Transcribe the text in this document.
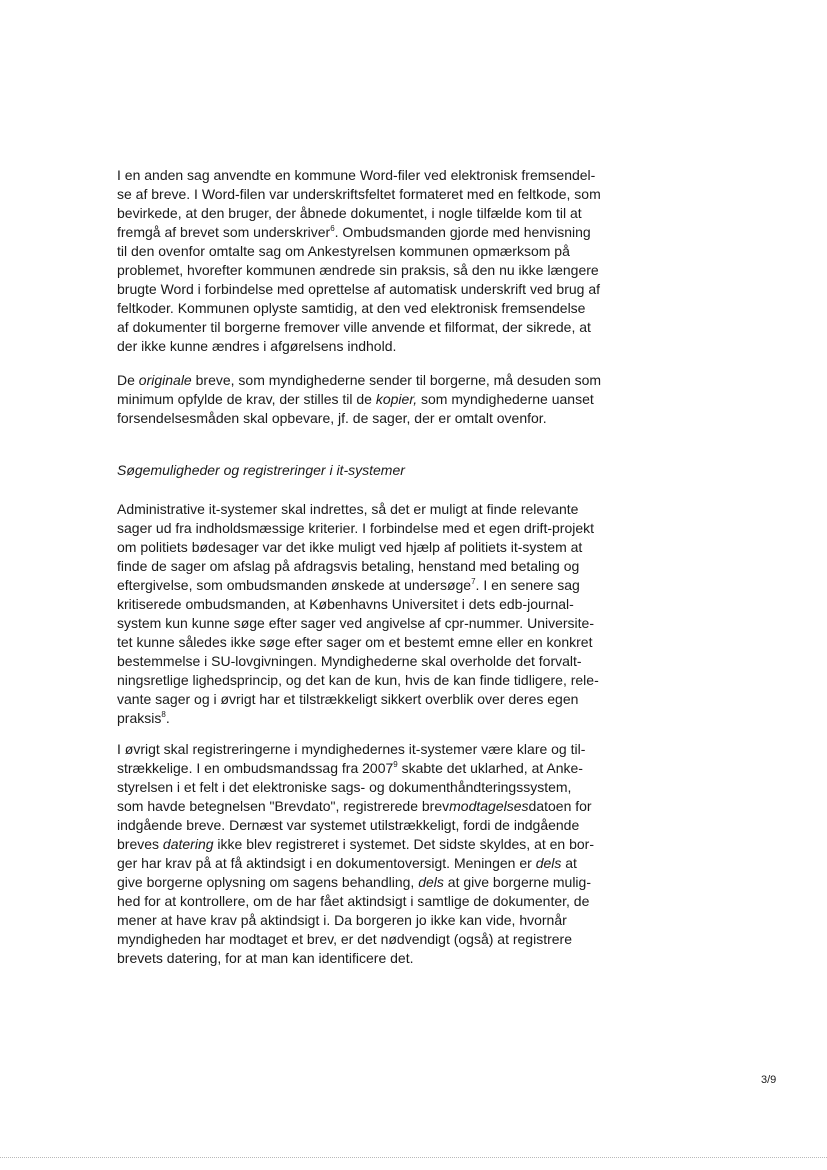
I en anden sag anvendte en kommune Word-filer ved elektronisk fremsendel-
se af breve. I Word-filen var underskriftsfeltet formateret med en feltkode, som
bevirkede, at den bruger, der åbnede dokumentet, i nogle tilfælde kom til at
fremgå af brevet som underskriver$^6$. Ombudsmanden gjorde med henvisning
til den ovenfor omtalte sag om Ankestyrelsen kommunen opmærksom på
problemet, hvorefter kommunen ændrede sin praksis, så den nu ikke længere
brugte Word i forbindelse med oprettelse af automatisk underskrift ved brug af
feltkoder. Kommunen oplyste samtidig, at den ved elektronisk fremsendelse
af dokumenter til borgerne fremover ville anvende et filformat, der sikrede, at
der ikke kunne ændres i afgørelsens indhold.

De originale breve, som myndighederne sender til borgerne, må desuden som
minimum opfylde de krav, der stilles til de kopier, som myndighederne uanset
forsendelsesmåden skal opbevare, jf. de sager, der er omtalt ovenfor.

Søgemuligheder og registreringer i it-systemer

Administrative it-systemer skal indrettes, så det er muligt at finde relevante
sager ud fra indholdsmæssige kriterier. I forbindelse med et egen drift-projekt
om politiets bødesager var det ikke muligt ved hjælp af politiets it-system at
finde de sager om afslag på afdragsvis betaling, henstand med betaling og
eftergivelse, som ombudsmanden ønskede at undersøge$^7$. I en senere sag
kritiserede ombudsmanden, at Københavns Universitet i dets edb-journal-
system kun kunne søge efter sager ved angivelse af cpr-nummer. Universite-
tet kunne således ikke søge efter sager om et bestemt emne eller en konkret
bestemmelse i SU-lovgivningen. Myndighederne skal overholde det forvalt-
ningsretlige lighedsprincip, og det kan de kun, hvis de kan finde tidligere, rele-
vante sager og i øvrigt har et tilstrækkeligt sikkert overblik over deres egen
praksis$^8$.

I øvrigt skal registreringerne i myndighedernes it-systemer være klare og til-
strækkelige. I en ombudsmandssag fra 2007$^9$ skabte det uklarhed, at Anke-
styrelsen i et felt i det elektroniske sags- og dokumenthåndteringssystem,
som havde betegnelsen "Brevdato", registrerede brevmodtagelsesdatoen for
indgående breve. Dernæst var systemet utilstrækkeligt, fordi de indgående
breves datering ikke blev registreret i systemet. Det sidste skyldes, at en bor-
ger har krav på at få aktindsigt i en dokumentoversigt. Meningen er dels at
give borgerne oplysning om sagens behandling, dels at give borgerne mulig-
hed for at kontrollere, om de har fået aktindsigt i samtlige de dokumenter, de
mener at have krav på aktindsigt i. Da borgeren jo ikke kan vide, hvornår
myndigheden har modtaget et brev, er det nødvendigt (også) at registrere
brevets datering, for at man kan identificere det.

3/9
